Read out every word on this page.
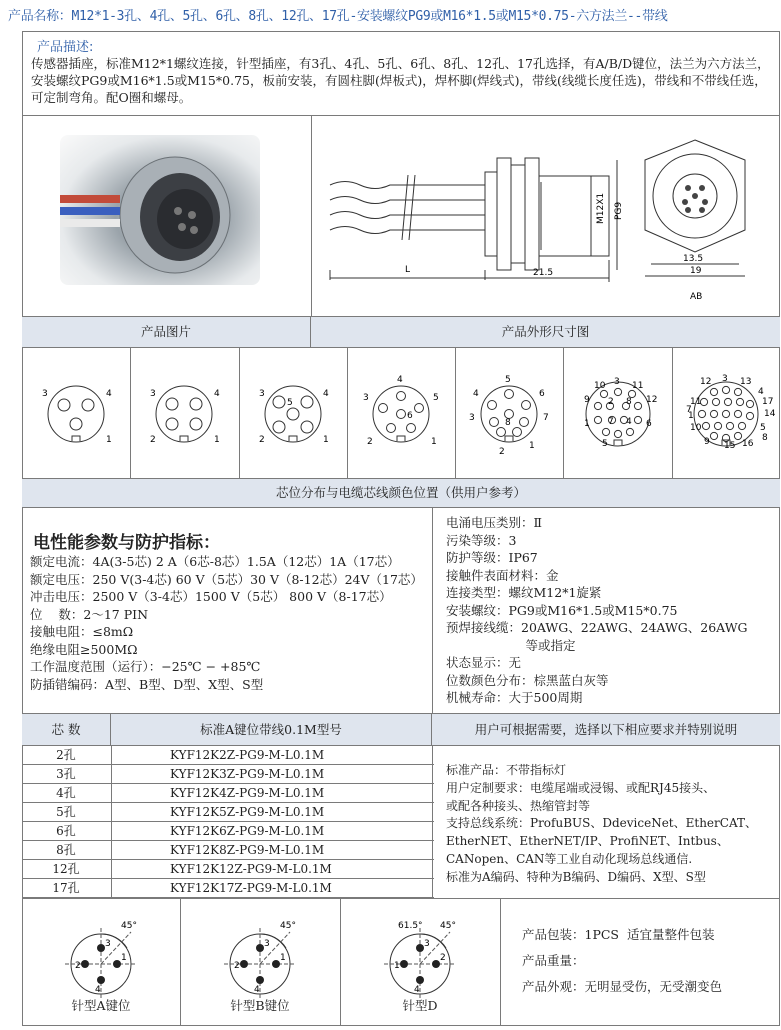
产品名称：M12*1-3孔、4孔、5孔、6孔、8孔、12孔、17孔-安装螺纹PG9或M16*1.5或M15*0.75-六方法兰--带线
产品描述:
传感器插座，标准M12*1螺纹连接，针型插座，有3孔、4孔、5孔、6孔、8孔、12孔、17孔选择，有A/B/D键位，法兰为六方法兰，安装螺纹PG9或M16*1.5或M15*0.75，板前安装，有圆柱脚(焊板式)，焊杯脚(焊线式)，带线(线缆长度任选)，带线和不带线任选，可定制弯角。配O圈和螺母。
L	21.5
M12X1 PG9
13.5
19
AB
产品图片	产品外形尺寸图
3	4
1
3	4
2	1
3	4
5
2	1
4
3	5
6
2	1
5
4	6
3	7
8
1
2
10 3 11
9 2 8 12
1 7 4 6
5
12 3 13
4
11	17
14
1
10	5
9 15 16
8
7
芯位分布与电缆芯线颜色位置（供用户参考）
电性能参数与防护指标：
额定电流：4A(3-5芯) 2 A（6芯-8芯）1.5A（12芯）1A（17芯）
额定电压：250 V(3-4芯) 60 V（5芯）30 V（8-12芯）24V（17芯）
冲击电压：2500 V（3-4芯）1500 V（5芯） 800 V（8-17芯）
位    数：2～17 PIN
接触电阻：≤8mΩ
绝缘电阻≥500MΩ
工作温度范围（运行）：−25℃ − +85℃
防插错编码：A型、B型、D型、X型、S型
电涌电压类别：Ⅱ
污染等级：3
防护等级：IP67
接触件表面材料：金
连接类型：螺纹M12*1旋紧
安装螺纹：PG9或M16*1.5或M15*0.75
预焊接线缆：20AWG、22AWG、24AWG、26AWG
等或指定
状态显示：无
位数颜色分布：棕黑蓝白灰等
机械寿命：大于500周期
芯 数	标准A键位带线0.1M型号	用户可根据需要，选择以下相应要求并特别说明
2孔	KYF12K2Z-PG9-M-L0.1M
3孔	KYF12K3Z-PG9-M-L0.1M
4孔	KYF12K4Z-PG9-M-L0.1M
5孔	KYF12K5Z-PG9-M-L0.1M
6孔	KYF12K6Z-PG9-M-L0.1M
8孔	KYF12K8Z-PG9-M-L0.1M
12孔	KYF12K12Z-PG9-M-L0.1M
17孔	KYF12K17Z-PG9-M-L0.1M
标准产品：不带指标灯
用户定制要求：电缆尾端或浸锡、或配RJ45接头、
或配各种接头、热缩管封等
支持总线系统：ProfuBUS、DdeviceNet、EtherCAT、
EtherNET、EtherNET/IP、ProfiNET、Intbus、
CANopen、CAN等工业自动化现场总线通信.
标准为A编码、特种为B编码、D编码、X型、S型
45°
2
1
3
4
针型A键位
45°
2
1
3
4
针型B键位
45°
61.5°
1
2
3
4
针型D
产品包装：1PCS  适宜量整件包装
产品重量：
产品外观：无明显受伤，无受潮变色
